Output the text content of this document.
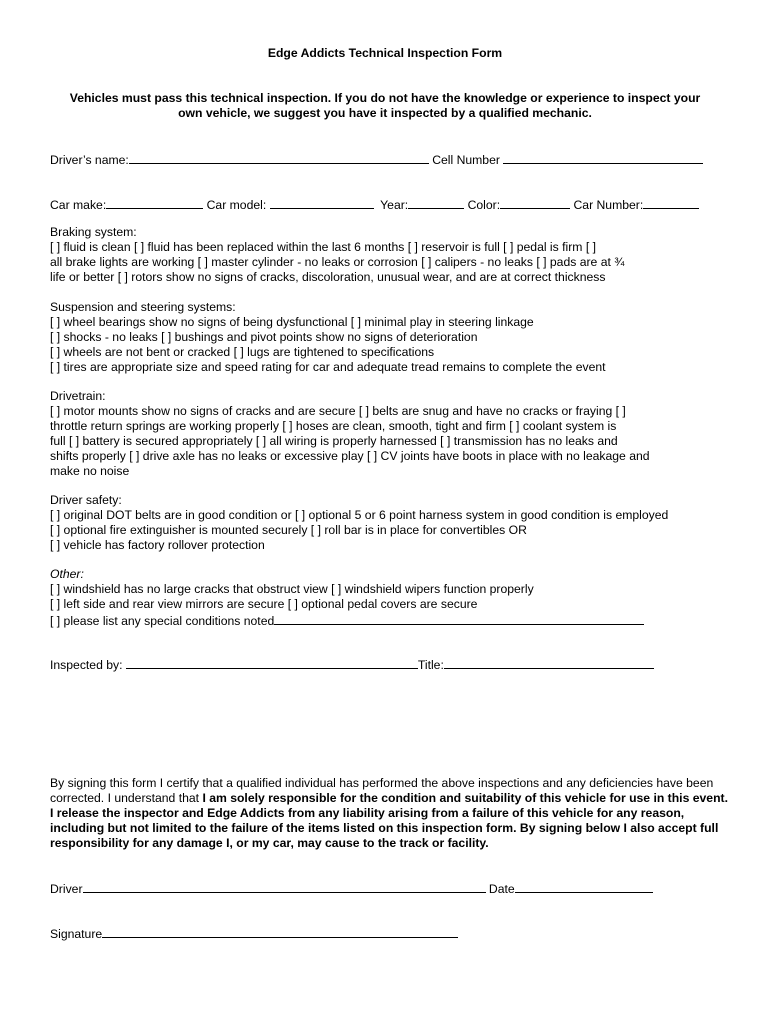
Edge Addicts Technical Inspection Form
Vehicles must pass this technical inspection. If you do not have the knowledge or experience to inspect your
own vehicle, we suggest you have it inspected by a qualified mechanic.
Driver’s name:	Cell Number
Car make:	Car model:	Year:	Color:	Car Number:
Braking system:
[ ] fluid is clean [ ] fluid has been replaced within the last 6 months [ ] reservoir is full [ ] pedal is firm [ ]
all brake lights are working [ ] master cylinder - no leaks or corrosion [ ] calipers - no leaks [ ] pads are at ¾
life or better [ ] rotors show no signs of cracks, discoloration, unusual wear, and are at correct thickness
Suspension and steering systems:
[ ] wheel bearings show no signs of being dysfunctional [ ] minimal play in steering linkage
[ ] shocks - no leaks [ ] bushings and pivot points show no signs of deterioration
[ ] wheels are not bent or cracked [ ] lugs are tightened to specifications
[ ] tires are appropriate size and speed rating for car and adequate tread remains to complete the event
Drivetrain:
[ ] motor mounts show no signs of cracks and are secure [ ] belts are snug and have no cracks or fraying [ ]
throttle return springs are working properly [ ] hoses are clean, smooth, tight and firm [ ] coolant system is
full [ ] battery is secured appropriately [ ] all wiring is properly harnessed [ ] transmission has no leaks and
shifts properly [ ] drive axle has no leaks or excessive play [ ] CV joints have boots in place with no leakage and
make no noise
Driver safety:
[ ] original DOT belts are in good condition or [ ] optional 5 or 6 point harness system in good condition is employed
[ ] optional fire extinguisher is mounted securely [ ] roll bar is in place for convertibles OR
[ ] vehicle has factory rollover protection
Other:
[ ] windshield has no large cracks that obstruct view [ ] windshield wipers function properly
[ ] left side and rear view mirrors are secure [ ] optional pedal covers are secure
[ ] please list any special conditions noted
Inspected by:	Title:
By signing this form I certify that a qualified individual has performed the above inspections and any deficiencies have been corrected. I understand that I am solely responsible for the condition and suitability of this vehicle for use in this event. I release the inspector and Edge Addicts from any liability arising from a failure of this vehicle for any reason, including but not limited to the failure of the items listed on this inspection form. By signing below I also accept full responsibility for any damage I, or my car, may cause to the track or facility.
Driver	Date
Signature
